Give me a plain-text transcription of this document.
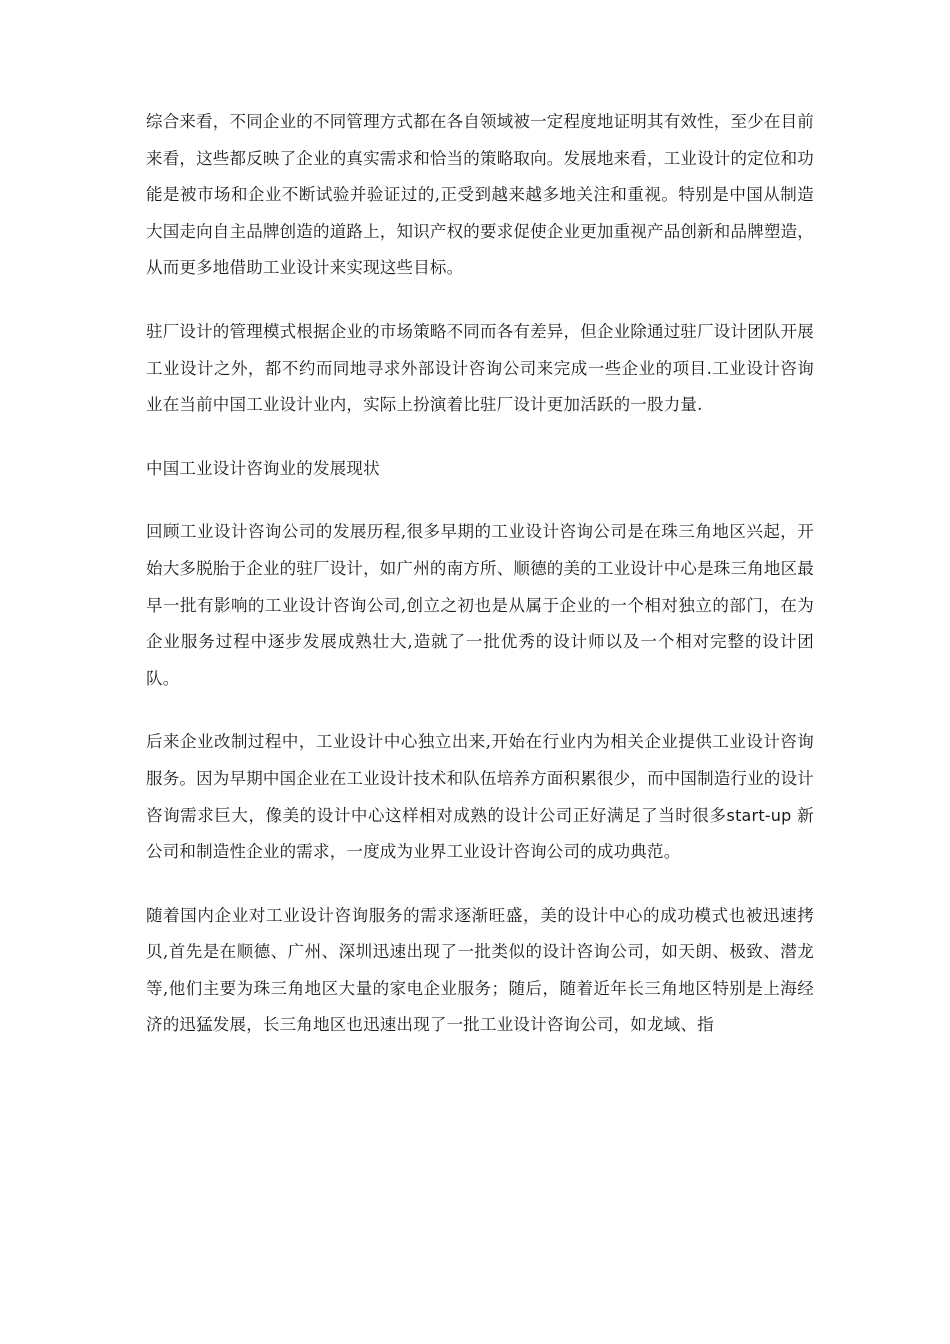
综合来看，不同企业的不同管理方式都在各自领域被一定程度地证明其有效性，至少在目前来看，这些都反映了企业的真实需求和恰当的策略取向。发展地来看，工业设计的定位和功能是被市场和企业不断试验并验证过的,正受到越来越多地关注和重视。特别是中国从制造大国走向自主品牌创造的道路上，知识产权的要求促使企业更加重视产品创新和品牌塑造，从而更多地借助工业设计来实现这些目标。

驻厂设计的管理模式根据企业的市场策略不同而各有差异，但企业除通过驻厂设计团队开展工业设计之外，都不约而同地寻求外部设计咨询公司来完成一些企业的项目.工业设计咨询业在当前中国工业设计业内，实际上扮演着比驻厂设计更加活跃的一股力量.

中国工业设计咨询业的发展现状

回顾工业设计咨询公司的发展历程,很多早期的工业设计咨询公司是在珠三角地区兴起，开始大多脱胎于企业的驻厂设计，如广州的南方所、顺德的美的工业设计中心是珠三角地区最早一批有影响的工业设计咨询公司,创立之初也是从属于企业的一个相对独立的部门，在为企业服务过程中逐步发展成熟壮大,造就了一批优秀的设计师以及一个相对完整的设计团队。

后来企业改制过程中，工业设计中心独立出来,开始在行业内为相关企业提供工业设计咨询服务。因为早期中国企业在工业设计技术和队伍培养方面积累很少，而中国制造行业的设计咨询需求巨大，像美的设计中心这样相对成熟的设计公司正好满足了当时很多start-up 新公司和制造性企业的需求，一度成为业界工业设计咨询公司的成功典范。

随着国内企业对工业设计咨询服务的需求逐渐旺盛，美的设计中心的成功模式也被迅速拷贝,首先是在顺德、广州、深圳迅速出现了一批类似的设计咨询公司，如天朗、极致、潜龙等,他们主要为珠三角地区大量的家电企业服务；随后，随着近年长三角地区特别是上海经济的迅猛发展，长三角地区也迅速出现了一批工业设计咨询公司，如龙域、指
